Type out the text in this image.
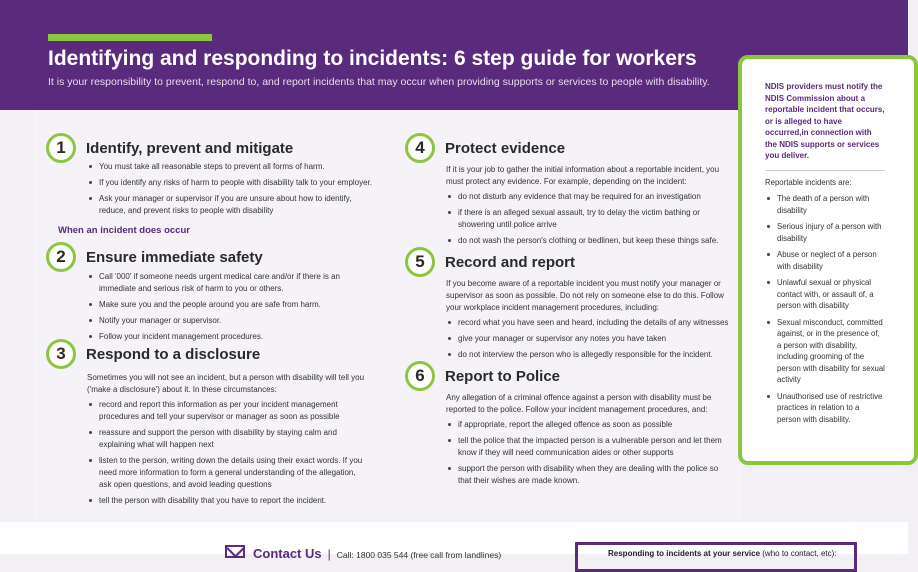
Identifying and responding to incidents: 6 step guide for workers
It is your responsibility to prevent, respond to, and report incidents that may occur when providing supports or services to people with disability.
1	Identify, prevent and mitigate
You must take all reasonable steps to prevent all forms of harm.
If you identify any risks of harm to people with disability talk to your employer.
Ask your manager or supervisor if you are unsure about how to identify, reduce, and prevent risks to people with disability
When an incident does occur
2	Ensure immediate safety
Call '000' if someone needs urgent medical care and/or if there is an immediate and serious risk of harm to you or others.
Make sure you and the people around you are safe from harm.
Notify your manager or supervisor.
Follow your incident management procedures.
3	Respond to a disclosure

Sometimes you will not see an incident, but a person with disability will tell you ('make a disclosure') about it. In these circumstances:

record and report this information as per your incident management procedures and tell your supervisor or manager as soon as possible
reassure and support the person with disability by staying calm and explaining what will happen next
listen to the person, writing down the details using their exact words. If you need more information to form a general understanding of the allegation, ask open questions, and avoid leading questions
tell the person with disability that you have to report the incident.
4	Protect evidence

If it is your job to gather the initial information about a reportable incident, you must protect any evidence. For example, depending on the incident:

do not disturb any evidence that may be required for an investigation
if there is an alleged sexual assault, try to delay the victim bathing or showering until police arrive
do not wash the person's clothing or bedlinen, but keep these things safe.
5	Record and report

If you become aware of a reportable incident you must notify your manager or supervisor as soon as possible. Do not rely on someone else to do this. Follow your workplace incident management procedures, including:

record what you have seen and heard, including the details of any witnesses
give your manager or supervisor any notes you have taken
do not interview the person who is allegedly responsible for the incident.
6	Report to Police

Any allegation of a criminal offence against a person with disability must be reported to the police. Follow your incident management procedures, and:

if appropriate, report the alleged offence as soon as possible
tell the police that the impacted person is a vulnerable person and let them know if they will need communication aides or other supports
support the person with disability when they are dealing with the police so that their wishes are made known.
NDIS providers must notify the NDIS Commission about a reportable incident that occurs, or is alleged to have occurred,in connection with the NDIS supports or services you deliver.
Reportable incidents are:
The death of a person with disability
Serious injury of a person with disability
Abuse or neglect of a person with disability
Unlawful sexual or physical contact with, or assault of, a person with disability
Sexual misconduct, committed against, or in the presence of, a person with disability, including grooming of the person with disability for sexual activity
Unauthorised use of restrictive practices in relation to a person with disability.
Contact Us | Call: 1800 035 544 (free call from landlines)	Responding to incidents at your service (who to contact, etc):
